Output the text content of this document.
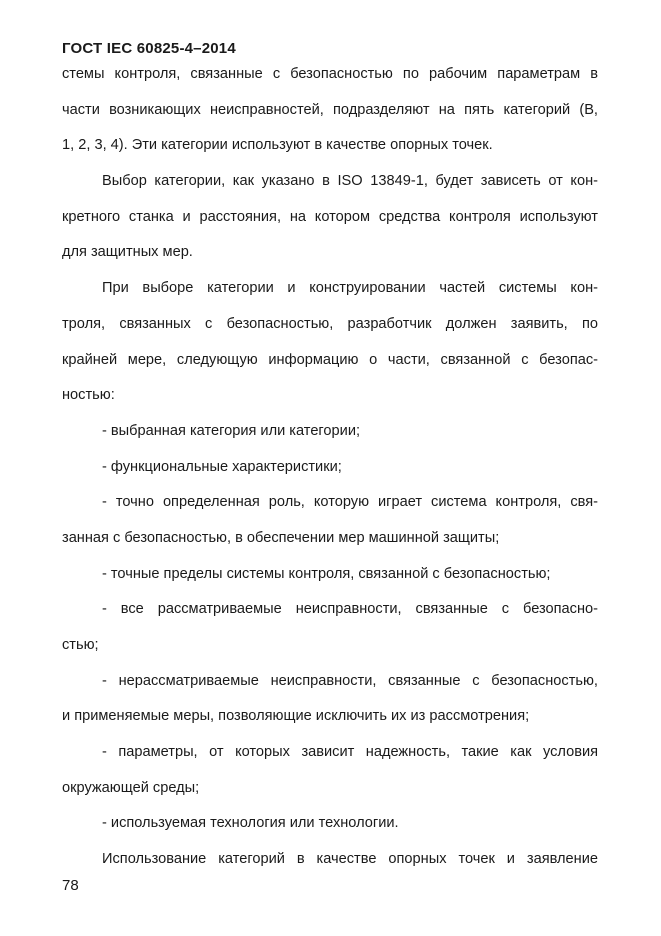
ГОСТ IEC 60825-4–2014
стемы контроля, связанные с безопасностью по рабочим параметрам в
части возникающих неисправностей, подразделяют на пять категорий (B,
1, 2, 3, 4). Эти категории используют в качестве опорных точек.
Выбор категории, как указано в ISO 13849-1, будет зависеть от кон-
кретного станка и расстояния, на котором средства контроля используют
для защитных мер.
При выборе категории и конструировании частей системы кон-
троля, связанных с безопасностью, разработчик должен заявить, по
крайней мере, следующую информацию о части, связанной с безопас-
ностью:
- выбранная категория или категории;
- функциональные характеристики;
- точно определенная роль, которую играет система контроля, свя-
занная с безопасностью, в обеспечении мер машинной защиты;
- точные пределы системы контроля, связанной с безопасностью;
- все рассматриваемые неисправности, связанные с безопасно-
стью;
- нерассматриваемые неисправности, связанные с безопасностью,
и применяемые меры, позволяющие исключить их из рассмотрения;
- параметры, от которых зависит надежность, такие как условия
окружающей среды;
- используемая технология или технологии.
Использование категорий в качестве опорных точек и заявление
78
